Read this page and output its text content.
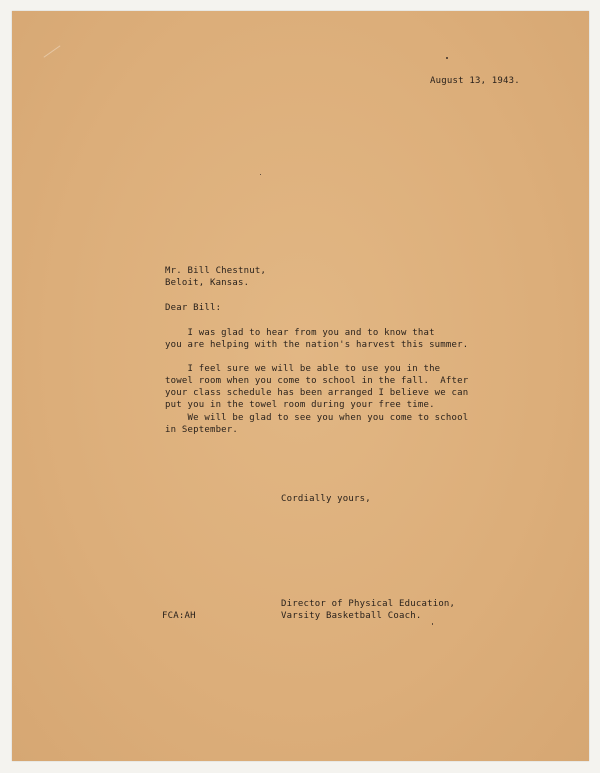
August 13, 1943.
Mr. Bill Chestnut,
Beloit, Kansas.
Dear Bill:
I was glad to hear from you and to know that
you are helping with the nation's harvest this summer.
I feel sure we will be able to use you in the
towel room when you come to school in the fall.  After
your class schedule has been arranged I believe we can
put you in the towel room during your free time.
We will be glad to see you when you come to school
in September.
Cordially yours,
Director of Physical Education,
Varsity Basketball Coach.
FCA:AH
